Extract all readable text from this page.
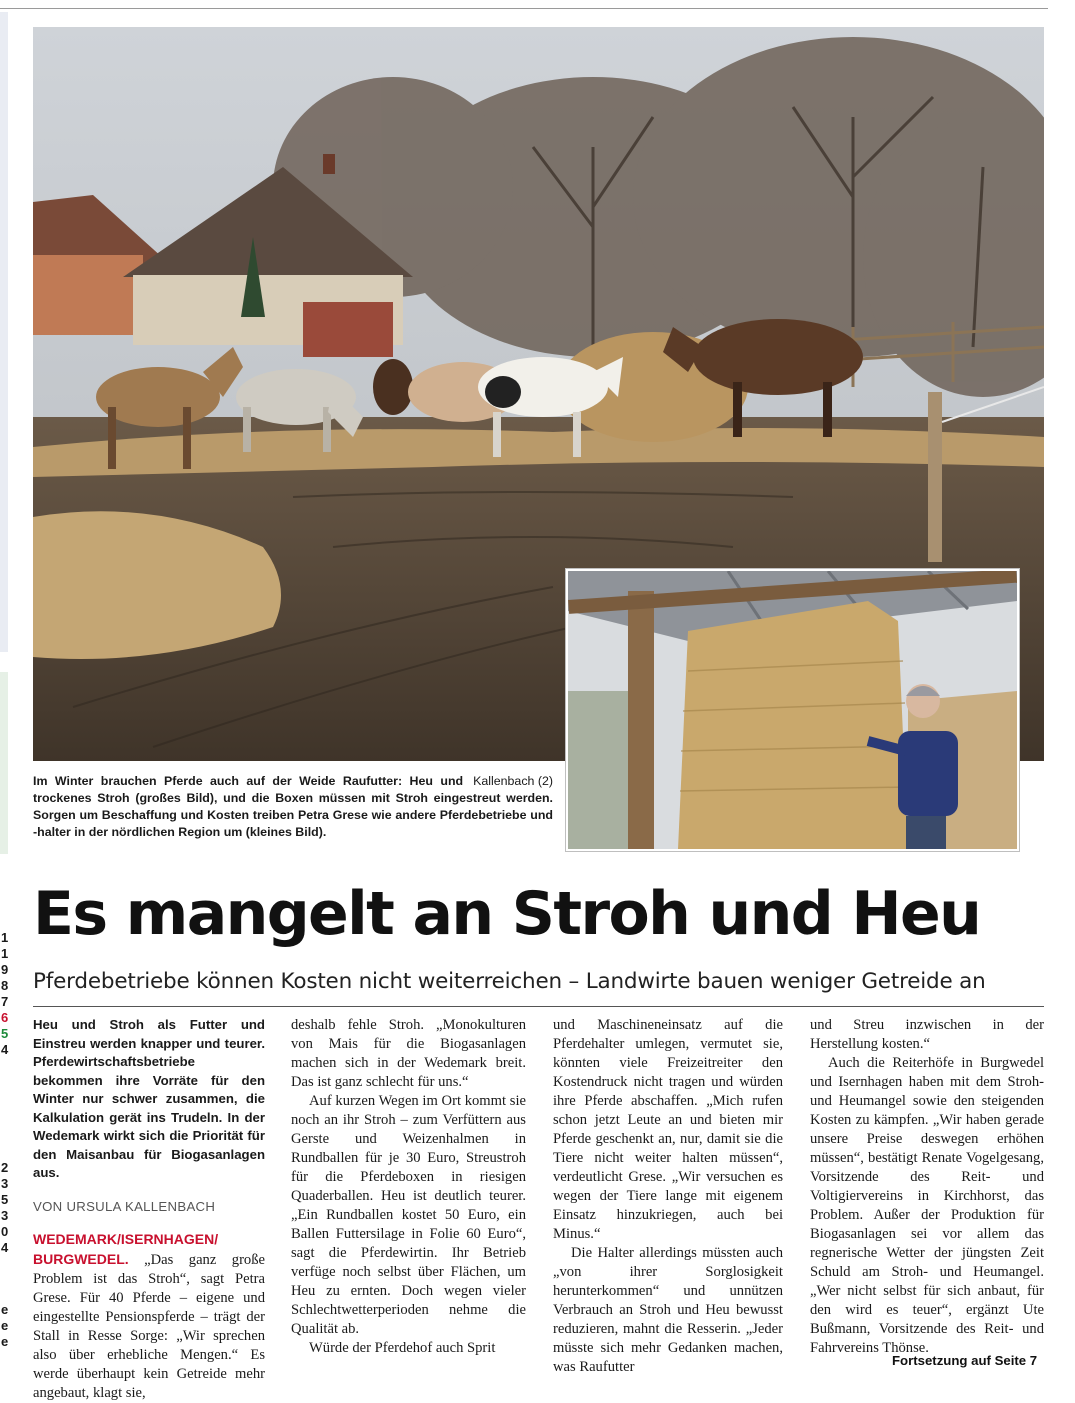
1
1
9
8
7
6
5
4
2
3
5
3
0
4
e
e
e
Kallenbach (2)
Im Winter brauchen Pferde auch auf der Weide Raufutter: Heu und trockenes Stroh (großes Bild), und die Boxen müssen mit Stroh eingestreut werden. Sorgen um Beschaffung und Kosten treiben Petra Grese wie andere Pferdebetriebe und -halter in der nördlichen Region um (kleines Bild).
Es mangelt an Stroh und Heu
Pferdebetriebe können Kosten nicht weiterreichen – Landwirte bauen weniger Getreide an

Heu und Stroh als Futter und Einstreu werden knapper und teurer. Pferdewirtschaftsbetriebe bekommen ihre Vorräte für den Winter nur schwer zusammen, die Kalkulation gerät ins Trudeln. In der Wedemark wirkt sich die Priorität für den Maisanbau für Biogasanlagen aus.

VON URSULA KALLENBACH

WEDEMARK/ISERNHAGEN/ BURGWEDEL. „Das ganz große Problem ist das Stroh“, sagt Petra Grese. Für 40 Pferde – eigene und eingestellte Pensionspferde – trägt der Stall in Resse Sorge: „Wir sprechen also über erhebliche Mengen.“ Es werde überhaupt kein Getreide mehr angebaut, klagt sie,

deshalb fehle Stroh. „Monokulturen von Mais für die Biogasanlagen machen sich in der Wedemark breit. Das ist ganz schlecht für uns.“

Auf kurzen Wegen im Ort kommt sie noch an ihr Stroh – zum Verfüttern aus Gerste und Weizenhalmen in Rundballen für je 30 Euro, Streustroh für die Pferdeboxen in riesigen Quaderballen. Heu ist deutlich teurer. „Ein Rundballen kostet 50 Euro, ein Ballen Futtersilage in Folie 60 Euro“, sagt die Pferdewirtin. Ihr Betrieb verfüge noch selbst über Flächen, um Heu zu ernten. Doch wegen vieler Schlechtwetterperioden nehme die Qualität ab.

Würde der Pferdehof auch Sprit

und Maschineneinsatz auf die Pferdehalter umlegen, vermutet sie, könnten viele Freizeitreiter den Kostendruck nicht tragen und würden ihre Pferde abschaffen. „Mich rufen schon jetzt Leute an und bieten mir Pferde geschenkt an, nur, damit sie die Tiere nicht weiter halten müssen“, verdeutlicht Grese. „Wir versuchen es wegen der Tiere lange mit eigenem Einsatz hinzukriegen, auch bei Minus.“

Die Halter allerdings müssten auch „von ihrer Sorglosigkeit herunterkommen“ und unnützen Verbrauch an Stroh und Heu bewusst reduzieren, mahnt die Resserin. „Jeder müsste sich mehr Gedanken machen, was Raufutter

und Streu inzwischen in der Herstellung kosten.“

Auch die Reiterhöfe in Burgwedel und Isernhagen haben mit dem Stroh- und Heumangel sowie den steigenden Kosten zu kämpfen. „Wir haben gerade unsere Preise deswegen erhöhen müssen“, bestätigt Renate Vogelgesang, Vorsitzende des Reit- und Voltigiervereins in Kirchhorst, das Problem. Außer der Produktion für Biogasanlagen sei vor allem das regnerische Wetter der jüngsten Zeit Schuld am Stroh- und Heumangel. „Wer nicht selbst für sich anbaut, für den wird es teuer“, ergänzt Ute Bußmann, Vorsitzende des Reit- und Fahrvereins Thönse.

Fortsetzung auf Seite 7
